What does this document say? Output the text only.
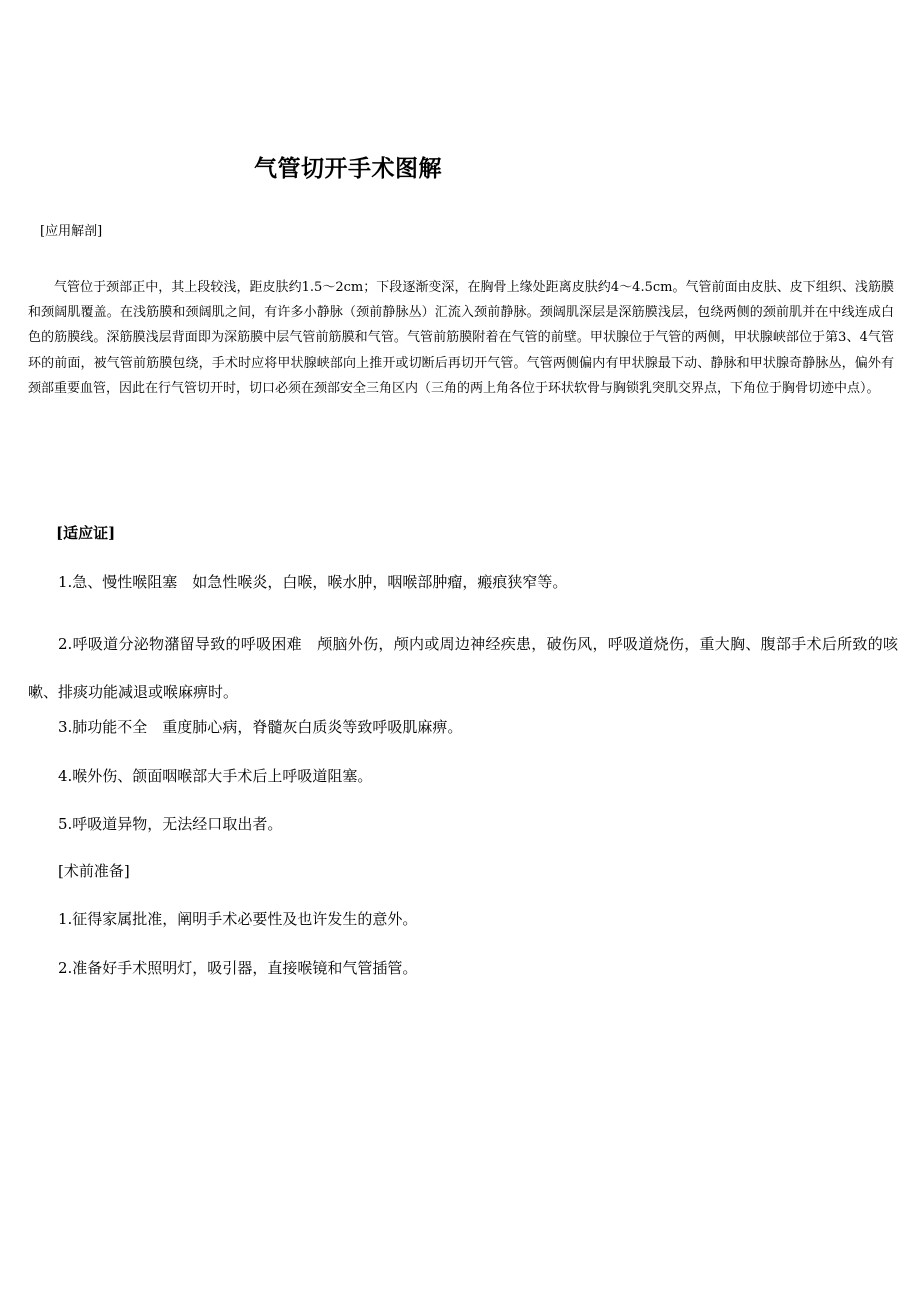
气管切开手术图解
[应用解剖]

气管位于颈部正中，其上段较浅，距皮肤约1.5～2cm；下段逐渐变深，在胸骨上缘处距离皮肤约4～4.5cm。气管前面由皮肤、皮下组织、浅筋膜和颈阔肌覆盖。在浅筋膜和颈阔肌之间，有许多小静脉（颈前静脉丛）汇流入颈前静脉。颈阔肌深层是深筋膜浅层，包绕两侧的颈前肌并在中线连成白色的筋膜线。深筋膜浅层背面即为深筋膜中层气管前筋膜和气管。气管前筋膜附着在气管的前壁。甲状腺位于气管的两侧，甲状腺峡部位于第3、4气管环的前面，被气管前筋膜包绕，手术时应将甲状腺峡部向上推开或切断后再切开气管。气管两侧偏内有甲状腺最下动、静脉和甲状腺奇静脉丛，偏外有颈部重要血管，因此在行气管切开时，切口必须在颈部安全三角区内（三角的两上角各位于环状软骨与胸锁乳突肌交界点，下角位于胸骨切迹中点）。

[适应证]
1.急、慢性喉阻塞　如急性喉炎，白喉，喉水肿，咽喉部肿瘤，瘢痕狭窄等。

2.呼吸道分泌物潴留导致的呼吸困难　颅脑外伤，颅内或周边神经疾患，破伤风，呼吸道烧伤，重大胸、腹部手术后所致的咳嗽、排痰功能减退或喉麻痹时。

3.肺功能不全　重度肺心病，脊髓灰白质炎等致呼吸肌麻痹。
4.喉外伤、颌面咽喉部大手术后上呼吸道阻塞。
5.呼吸道异物，无法经口取出者。
[术前准备]
1.征得家属批准，阐明手术必要性及也许发生的意外。
2.准备好手术照明灯，吸引器，直接喉镜和气管插管。
